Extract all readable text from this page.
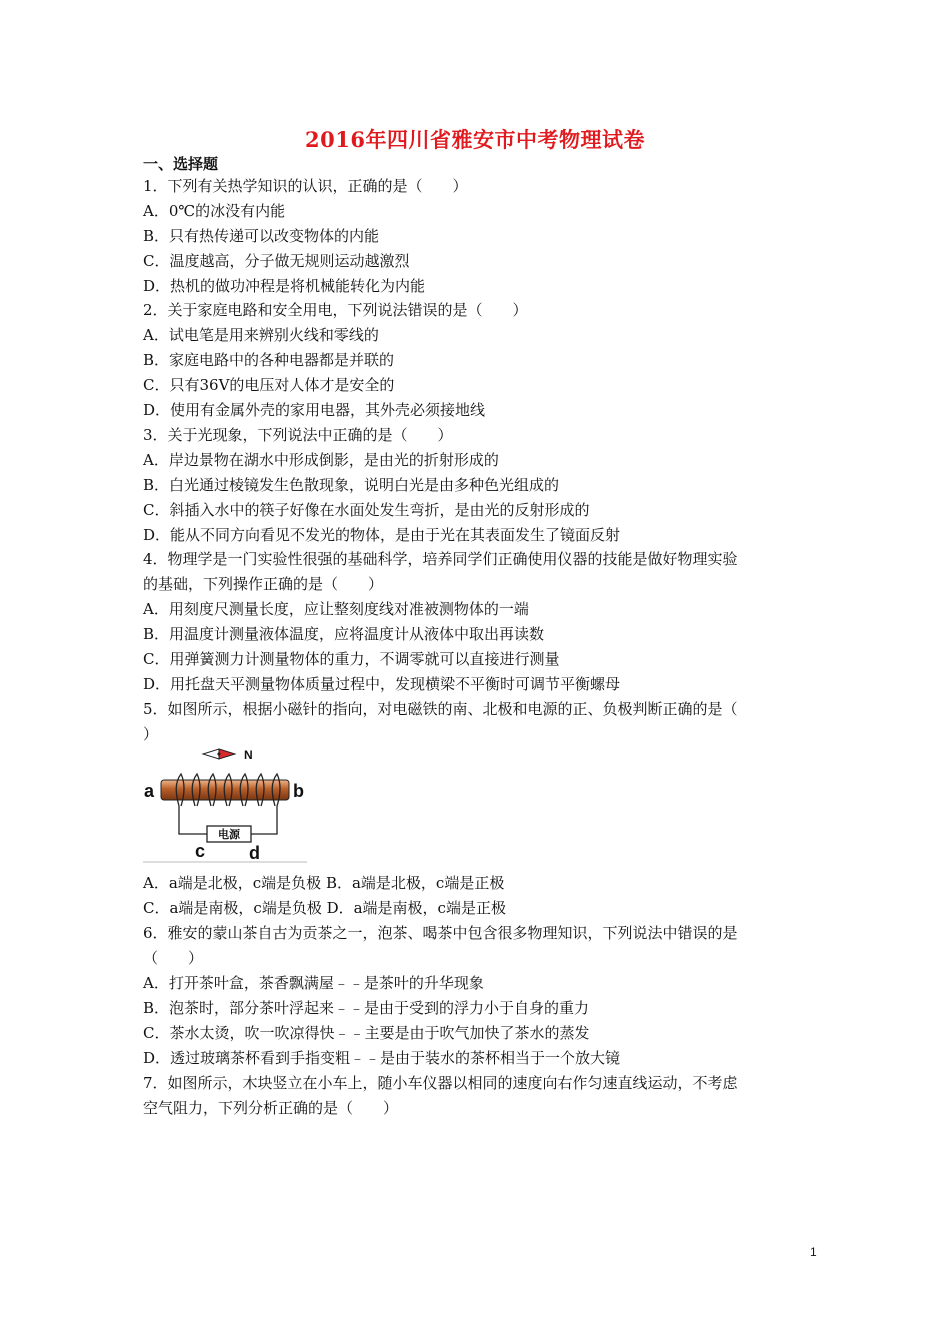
2016年四川省雅安市中考物理试卷
一、选择题
1．下列有关热学知识的认识，正确的是（　　）
A．0℃的冰没有内能
B．只有热传递可以改变物体的内能
C．温度越高，分子做无规则运动越激烈
D．热机的做功冲程是将机械能转化为内能
2．关于家庭电路和安全用电，下列说法错误的是（　　）
A．试电笔是用来辨别火线和零线的
B．家庭电路中的各种电器都是并联的
C．只有36V的电压对人体才是安全的
D．使用有金属外壳的家用电器，其外壳必须接地线
3．关于光现象，下列说法中正确的是（　　）
A．岸边景物在湖水中形成倒影，是由光的折射形成的
B．白光通过棱镜发生色散现象，说明白光是由多种色光组成的
C．斜插入水中的筷子好像在水面处发生弯折，是由光的反射形成的
D．能从不同方向看见不发光的物体，是由于光在其表面发生了镜面反射
4．物理学是一门实验性很强的基础科学，培养同学们正确使用仪器的技能是做好物理实验
的基础，下列操作正确的是（　　）
A．用刻度尺测量长度，应让整刻度线对准被测物体的一端
B．用温度计测量液体温度，应将温度计从液体中取出再读数
C．用弹簧测力计测量物体的重力，不调零就可以直接进行测量
D．用托盘天平测量物体质量过程中，发现横梁不平衡时可调节平衡螺母
5．如图所示，根据小磁针的指向，对电磁铁的南、北极和电源的正、负极判断正确的是（
）
N
电源
a	b
c d
A．a端是北极，c端是负极 B．a端是北极，c端是正极
C．a端是南极，c端是负极 D．a端是南极，c端是正极
6．雅安的蒙山茶自古为贡茶之一，泡茶、喝茶中包含很多物理知识，下列说法中错误的是
（　　）
A．打开茶叶盒，茶香飘满屋﹣﹣是茶叶的升华现象
B．泡茶时，部分茶叶浮起来﹣﹣是由于受到的浮力小于自身的重力
C．茶水太烫，吹一吹凉得快﹣﹣主要是由于吹气加快了茶水的蒸发
D．透过玻璃茶杯看到手指变粗﹣﹣是由于装水的茶杯相当于一个放大镜
7．如图所示，木块竖立在小车上，随小车仪器以相同的速度向右作匀速直线运动，不考虑
空气阻力，下列分析正确的是（　　）
1
